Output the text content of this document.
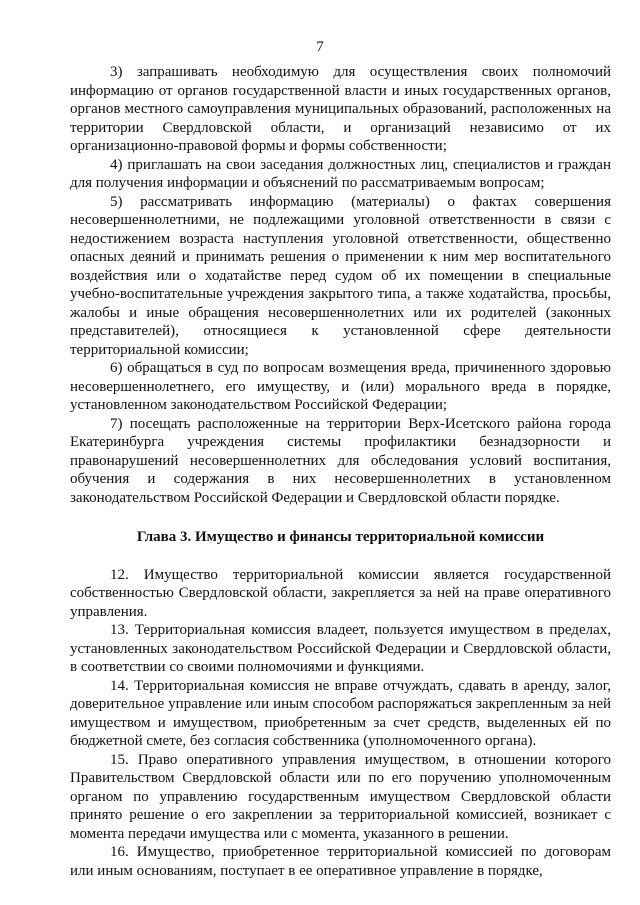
7

3) запрашивать необходимую для осуществления своих полномочий информацию от органов государственной власти и иных государственных органов, органов местного самоуправления муниципальных образований, расположенных на территории Свердловской области, и организаций независимо от их организационно-правовой формы и формы собственности;

4) приглашать на свои заседания должностных лиц, специалистов и граждан для получения информации и объяснений по рассматриваемым вопросам;

5) рассматривать информацию (материалы) о фактах совершения несовершеннолетними, не подлежащими уголовной ответственности в связи с недостижением возраста наступления уголовной ответственности, общественно опасных деяний и принимать решения о применении к ним мер воспитательного воздействия или о ходатайстве перед судом об их помещении в специальные учебно-воспитательные учреждения закрытого типа, а также ходатайства, просьбы, жалобы и иные обращения несовершеннолетних или их родителей (законных представителей), относящиеся к установленной сфере деятельности территориальной комиссии;

6) обращаться в суд по вопросам возмещения вреда, причиненного здоровью несовершеннолетнего, его имуществу, и (или) морального вреда в порядке, установленном законодательством Российской Федерации;

7) посещать расположенные на территории Верх-Исетского района города Екатеринбурга учреждения системы профилактики безнадзорности и правонарушений несовершеннолетних для обследования условий воспитания, обучения и содержания в них несовершеннолетних в установленном законодательством Российской Федерации и Свердловской области порядке.

Глава 3. Имущество и финансы территориальной комиссии

12. Имущество территориальной комиссии является государственной собственностью Свердловской области, закрепляется за ней на праве оперативного управления.

13. Территориальная комиссия владеет, пользуется имуществом в пределах, установленных законодательством Российской Федерации и Свердловской области, в соответствии со своими полномочиями и функциями.

14. Территориальная комиссия не вправе отчуждать, сдавать в аренду, залог, доверительное управление или иным способом распоряжаться закрепленным за ней имуществом и имуществом, приобретенным за счет средств, выделенных ей по бюджетной смете, без согласия собственника (уполномоченного органа).

15. Право оперативного управления имуществом, в отношении которого Правительством Свердловской области или по его поручению уполномоченным органом по управлению государственным имуществом Свердловской области принято решение о его закреплении за территориальной комиссией, возникает с момента передачи имущества или с момента, указанного в решении.

16. Имущество, приобретенное территориальной комиссией по договорам или иным основаниям, поступает в ее оперативное управление в порядке,
